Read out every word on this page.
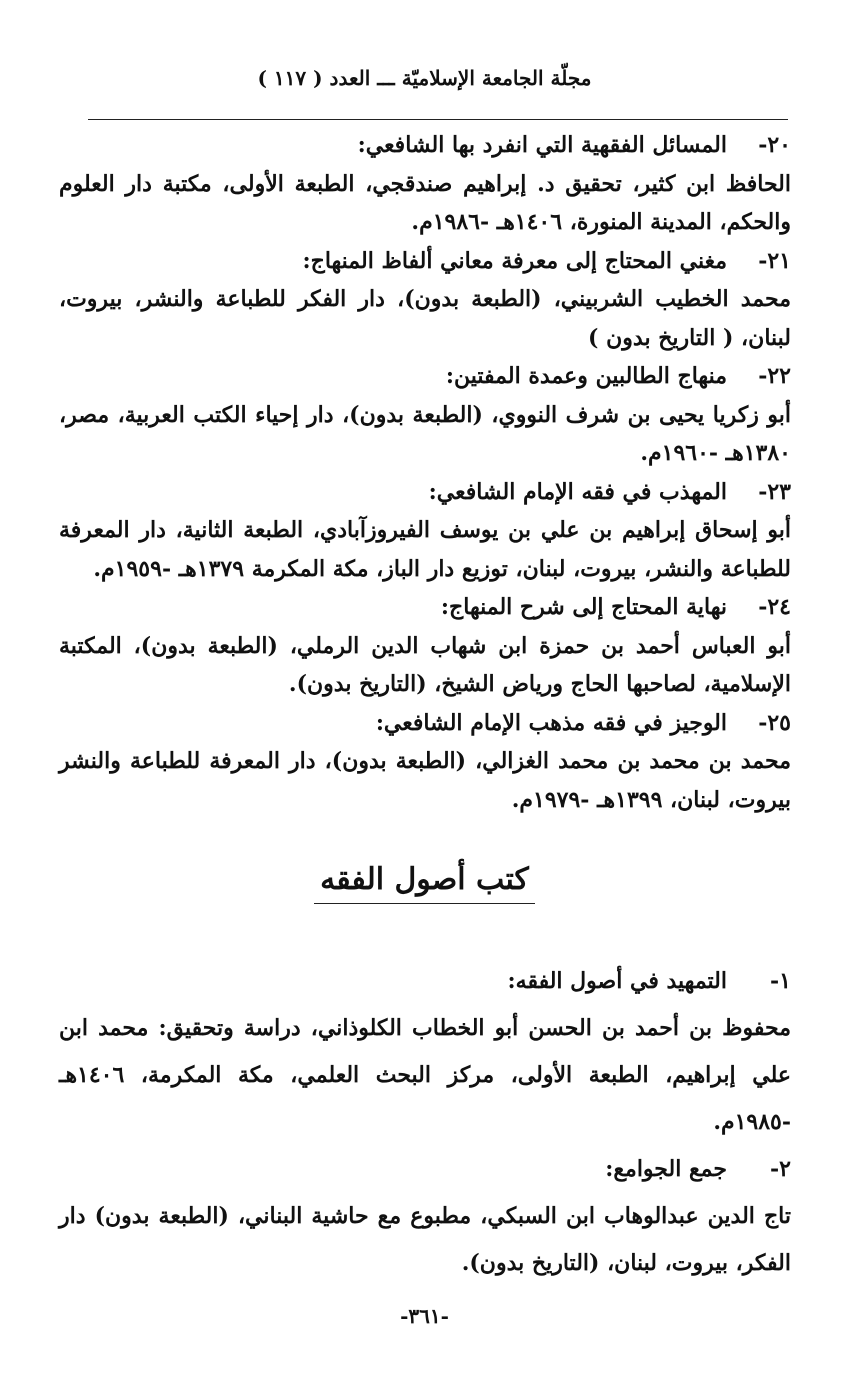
مجلّة الجامعة الإسلاميّة ـــ العدد ( ١١٧ )
٢٠-
المسائل الفقهية التي انفرد بها الشافعي:
الحافظ ابن كثير، تحقيق د. إبراهيم صندقجي، الطبعة الأولى، مكتبة دار العلوم والحكم، المدينة المنورة، ١٤٠٦هـ -١٩٨٦م.
٢١-
مغني المحتاج إلى معرفة معاني ألفاظ المنهاج:
محمد الخطيب الشربيني، (الطبعة بدون)، دار الفكر للطباعة والنشر، بيروت، لبنان، ( التاريخ بدون )
٢٢-
منهاج الطالبين وعمدة المفتين:
أبو زكريا يحيى بن شرف النووي، (الطبعة بدون)، دار إحياء الكتب العربية، مصر، ١٣٨٠هـ -١٩٦٠م.
٢٣-
المهذب في فقه الإمام الشافعي:
أبو إسحاق إبراهيم بن علي بن يوسف الفيروزآبادي، الطبعة الثانية، دار المعرفة للطباعة والنشر، بيروت، لبنان، توزيع دار الباز، مكة المكرمة ١٣٧٩هـ -١٩٥٩م.
٢٤-
نهاية المحتاج إلى شرح المنهاج:
أبو العباس أحمد بن حمزة ابن شهاب الدين الرملي، (الطبعة بدون)، المكتبة الإسلامية، لصاحبها الحاج ورياض الشيخ، (التاريخ بدون).
٢٥-
الوجيز في فقه مذهب الإمام الشافعي:
محمد بن محمد بن محمد الغزالي، (الطبعة بدون)، دار المعرفة للطباعة والنشر بيروت، لبنان، ١٣٩٩هـ -١٩٧٩م.
كتب أصول الفقه
١-
التمهيد في أصول الفقه:
محفوظ بن أحمد بن الحسن أبو الخطاب الكلوذاني، دراسة وتحقيق: محمد ابن علي إبراهيم، الطبعة الأولى، مركز البحث العلمي، مكة المكرمة، ١٤٠٦هـ -١٩٨٥م.
٢-
جمع الجوامع:
تاج الدين عبدالوهاب ابن السبكي، مطبوع مع حاشية البناني، (الطبعة بدون) دار الفكر، بيروت، لبنان، (التاريخ بدون).
-٣٦١-
